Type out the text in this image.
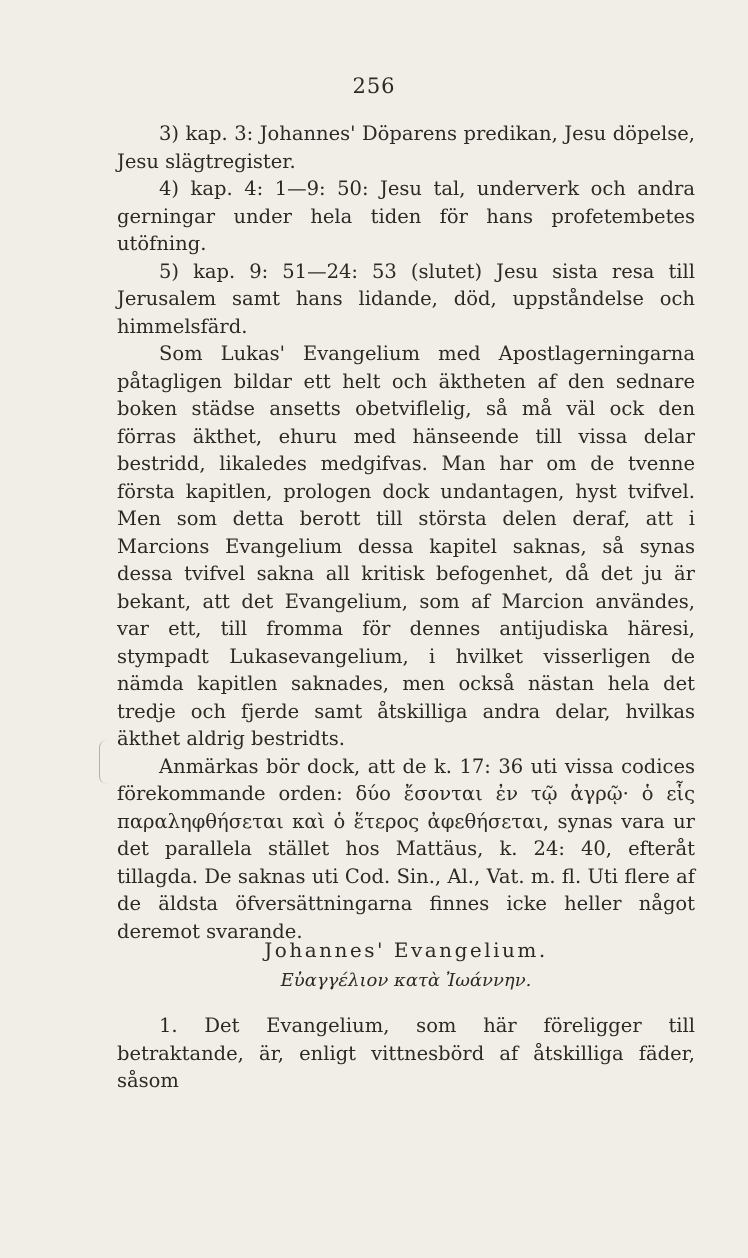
256

3) kap. 3: Johannes' Döparens predikan, Jesu döpelse, Jesu slägtregister.

4) kap. 4: 1—9: 50: Jesu tal, underverk och andra gerningar under hela tiden för hans profetembetes utöfning.

5) kap. 9: 51—24: 53 (slutet) Jesu sista resa till Jerusalem samt hans lidande, död, uppståndelse och himmelsfärd.

Som Lukas' Evangelium med Apostlagerningarna påtagligen bildar ett helt och äktheten af den sednare boken städse ansetts obetviflelig, så må väl ock den förras äkthet, ehuru med hänseende till vissa delar bestridd, likaledes medgifvas. Man har om de tvenne första kapitlen, prologen dock undantagen, hyst tvifvel. Men som detta berott till största delen deraf, att i Marcions Evangelium dessa kapitel saknas, så synas dessa tvifvel sakna all kritisk befogenhet, då det ju är bekant, att det Evangelium, som af Marcion användes, var ett, till fromma för dennes antijudiska häresi, stympadt Lukasevangelium, i hvilket visserligen de nämda kapitlen saknades, men också nästan hela det tredje och fjerde samt åtskilliga andra delar, hvilkas äkthet aldrig bestridts.

Anmärkas bör dock, att de k. 17: 36 uti vissa codices förekommande orden: δύο ἔσονται ἐν τῷ ἀγρῷ· ὁ εἷς παραληφθήσεται καὶ ὁ ἕτερος ἀφεθήσεται, synas vara ur det parallela stället hos Mattäus, k. 24: 40, efteråt tillagda. De saknas uti Cod. Sin., Al., Vat. m. fl. Uti flere af de äldsta öfversättningarna finnes icke heller något deremot svarande.

Johannes' Evangelium.
Εὐαγγέλιον κατὰ Ἰωάννην.

1. Det Evangelium, som här föreligger till betraktande, är, enligt vittnesbörd af åtskilliga fäder, såsom
